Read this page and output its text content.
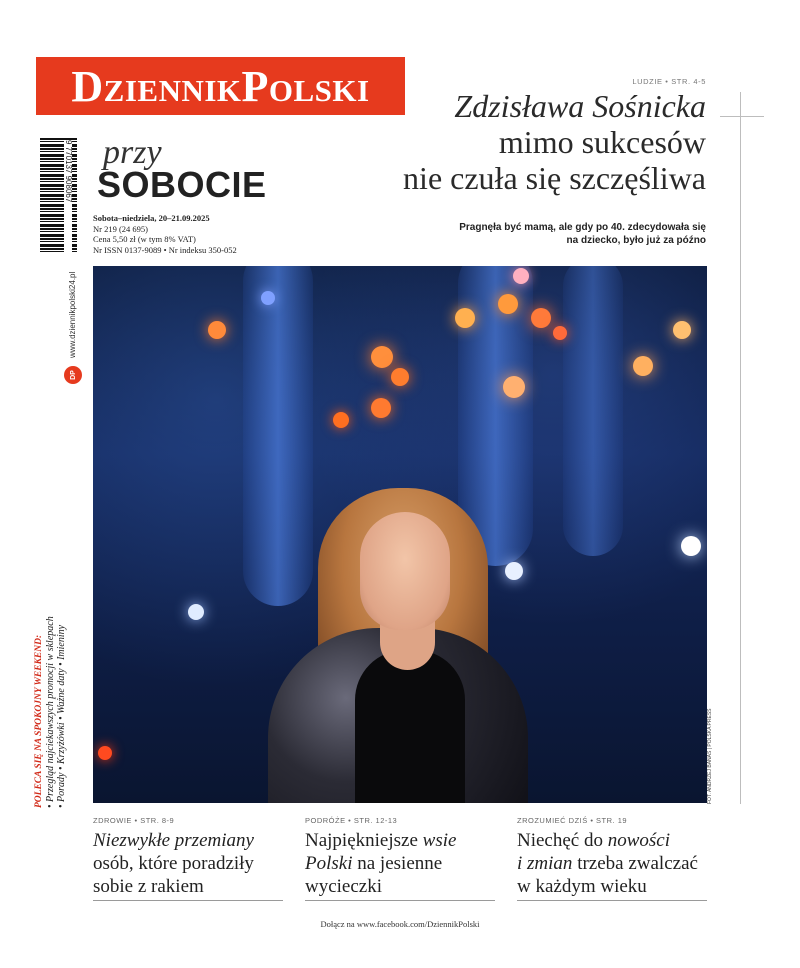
DziennikPolski
9 770137 908067 przy
SOBOCIE
Sobota–niedziela, 20–21.09.2025
Nr 219 (24 695)
Cena 5,50 zł (w tym 8% VAT)
Nr ISSN 0137-9089 • Nr indeksu 350-052
LUDZIE • STR. 4-5
Zdzisława Sośnicka
mimo sukcesów
nie czuła się szczęśliwa
Pragnęła być mamą, ale gdy po 40. zdecydowała się
na dziecko, było już za późno
www.dziennikpolski24.pl
DP
POLECA SIĘ NA SPOKOJNY WEEKEND: • Przegląd najciekawszych promocji w sklepach • Porady • Krzyżówki • Ważne daty • Imieniny	FOT. ANDRZEJ BANAŚ | POLSKA PRESS
ZDROWIE • STR. 8-9
Niezwykłe przemiany
osób, które poradziły sobie z rakiem
PODRÓŻE • STR. 12-13
Najpiękniejsze wsie
Polski na jesienne wycieczki
ZROZUMIEĆ DZIŚ • STR. 19
Niechęć do nowości
i zmian trzeba zwalczać w każdym wieku
Dołącz na www.facebook.com/DziennikPolski
